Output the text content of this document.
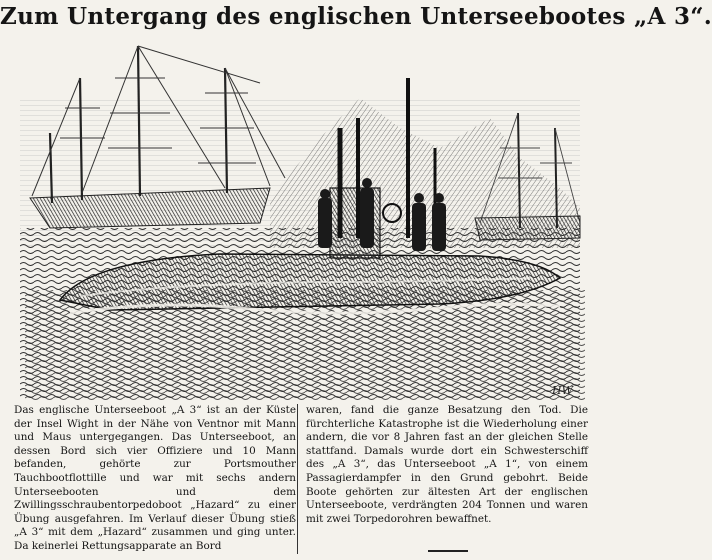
Zum Untergang des englischen Unterseebootes „A 3“.
HW
Das englische Unterseeboot „A 3“ ist an der Küste der Insel Wight in der Nähe von Ventnor mit Mann und Maus untergegangen. Das Unterseeboot, an dessen Bord sich vier Offiziere und 10 Mann befanden, gehörte zur Portsmouther Tauchbootflottille und war mit sechs andern Unterseebooten und dem Zwillingsschraubentorpedoboot „Hazard“ zu einer Übung ausgefahren. Im Verlauf dieser Übung stieß „A 3“ mit dem „Hazard“ zusammen und ging unter. Da keinerlei Rettungsapparate an Bord
waren, fand die ganze Besatzung den Tod. Die fürchterliche Katastrophe ist die Wiederholung einer andern, die vor 8 Jahren fast an der gleichen Stelle stattfand. Damals wurde dort ein Schwesterschiff des „A 3“, das Unterseeboot „A 1“, von einem Passagierdampfer in den Grund gebohrt. Beide Boote gehörten zur ältesten Art der englischen Unterseeboote, verdrängten 204 Tonnen und waren mit zwei Torpedorohren bewaffnet.
